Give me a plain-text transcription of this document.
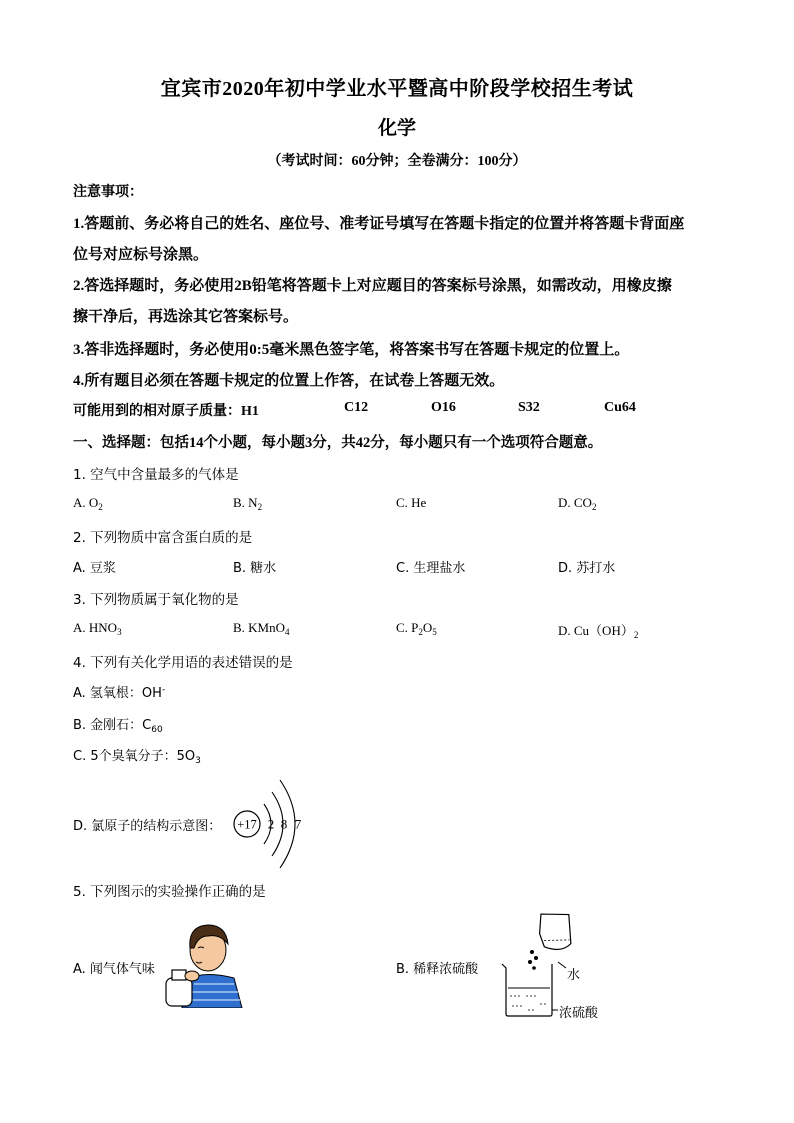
宜宾市2020年初中学业水平暨高中阶段学校招生考试
化学
（考试时间：60分钟；全卷满分：100分）
注意事项：
1.答题前、务必将自己的姓名、座位号、准考证号填写在答题卡指定的位置并将答题卡背面座
位号对应标号涂黑。
2.答选择题时，务必使用2B铅笔将答题卡上对应题目的答案标号涂黑，如需改动，用橡皮擦
擦干净后，再选涂其它答案标号。
3.答非选择题时，务必使用0:5毫米黑色签字笔，将答案书写在答题卡规定的位置上。
4.所有题目必须在答题卡规定的位置上作答，在试卷上答题无效。
可能用到的相对原子质量：H1	C12	O16	S32	Cu64
一、选择题：包括14个小题，每小题3分，共42分，每小题只有一个选项符合题意。
1. 空气中含量最多的气体是
A. $O_2$	B. $N_2$	C. He	D. $CO_2$
2. 下列物质中富含蛋白质的是
A. 豆浆	B. 糖水	C. 生理盐水	D. 苏打水
3. 下列物质属于氧化物的是
A. $HNO_3$	B. KMnO$_4$	C. $P_2O_5$	D. $Cu(OH)_2$
4. 下列有关化学用语的表述错误的是
A. 氢氧根：OH-
B. 金刚石：$C_{60}$
C. 5个臭氧分子：$5O_3$
D. 氯原子的结构示意图： +17 2 8 7
5. 下列图示的实验操作正确的是
A. 闻气体气味	B. 稀释浓硫酸	水
浓硫酸
